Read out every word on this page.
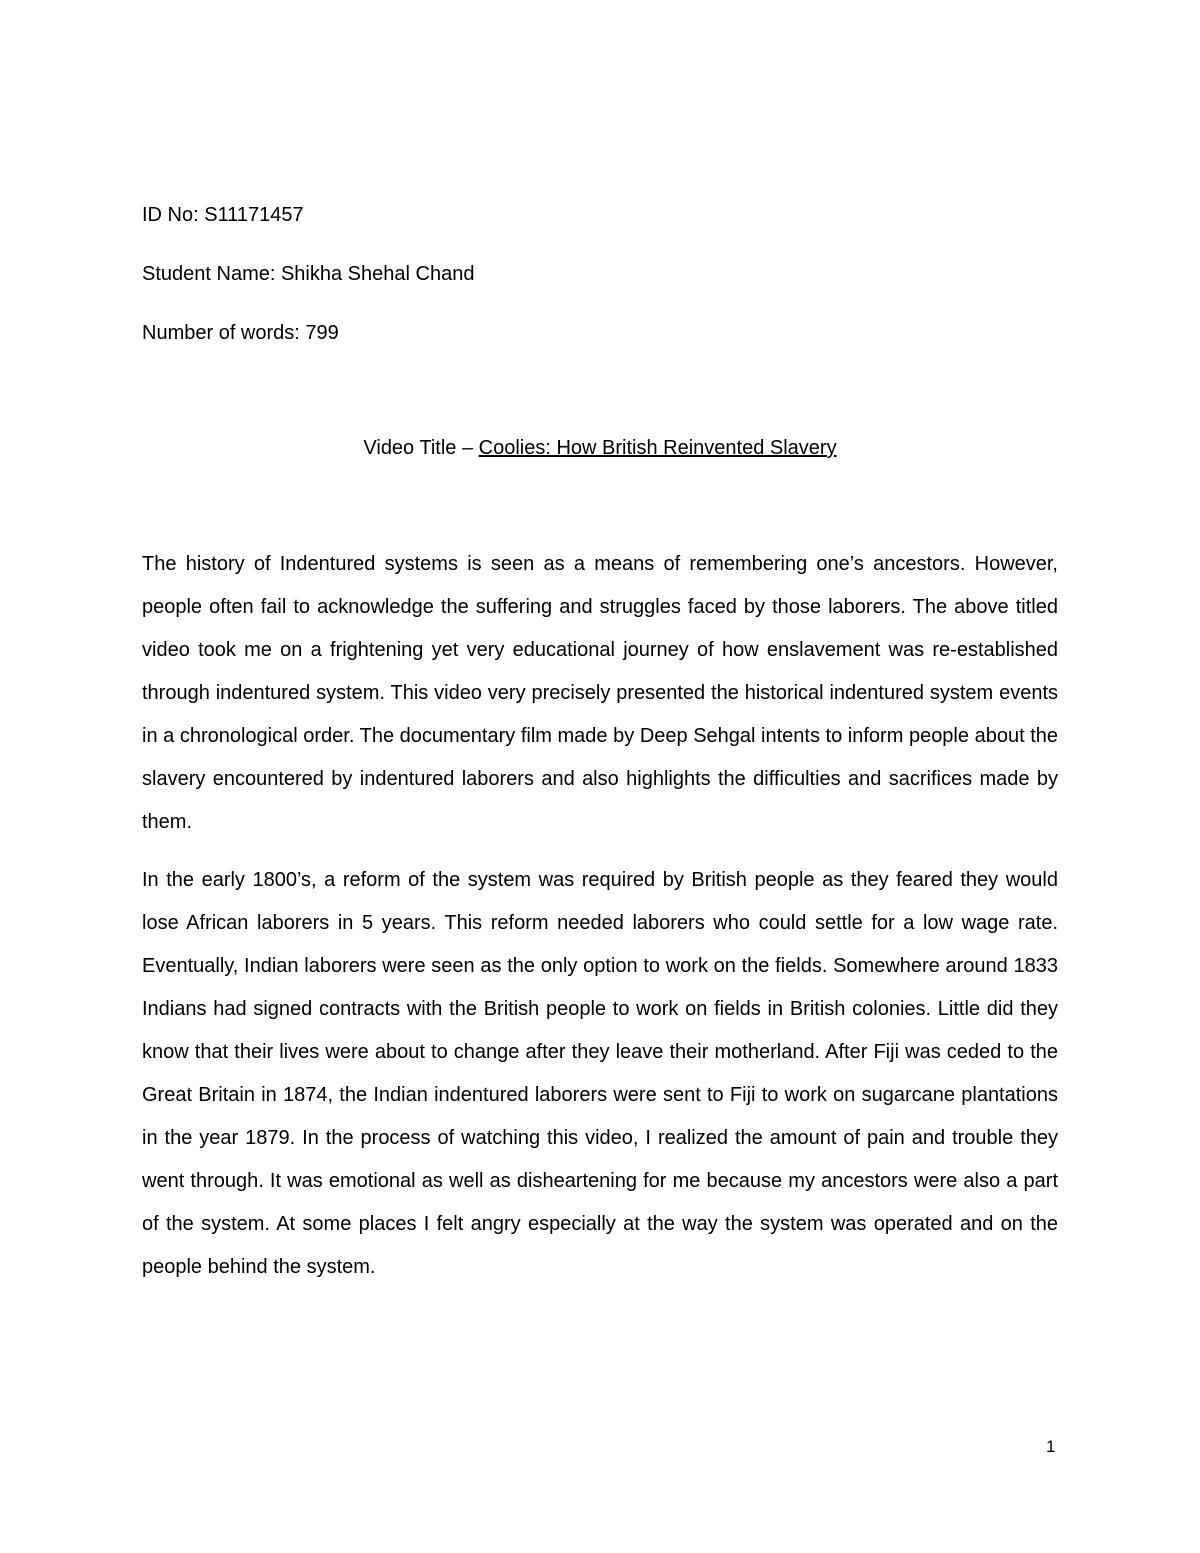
ID No: S11171457
Student Name: Shikha Shehal Chand
Number of words: 799
Video Title – Coolies: How British Reinvented Slavery

The history of Indentured systems is seen as a means of remembering one’s ancestors. However, people often fail to acknowledge the suffering and struggles faced by those laborers. The above titled video took me on a frightening yet very educational journey of how enslavement was re-established through indentured system. This video very precisely presented the historical indentured system events in a chronological order. The documentary film made by Deep Sehgal intents to inform people about the slavery encountered by indentured laborers and also highlights the difficulties and sacrifices made by them.

In the early 1800’s, a reform of the system was required by British people as they feared they would lose African laborers in 5 years. This reform needed laborers who could settle for a low wage rate. Eventually, Indian laborers were seen as the only option to work on the fields. Somewhere around 1833 Indians had signed contracts with the British people to work on fields in British colonies. Little did they know that their lives were about to change after they leave their motherland. After Fiji was ceded to the Great Britain in 1874, the Indian indentured laborers were sent to Fiji to work on sugarcane plantations in the year 1879. In the process of watching this video, I realized the amount of pain and trouble they went through. It was emotional as well as disheartening for me because my ancestors were also a part of the system. At some places I felt angry especially at the way the system was operated and on the people behind the system.

1
